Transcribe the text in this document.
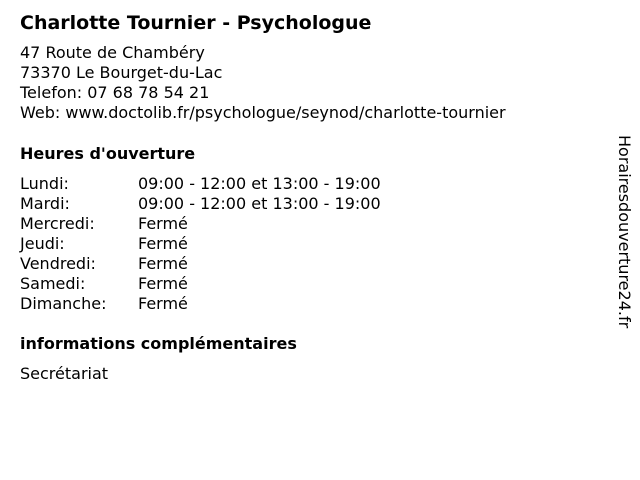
Charlotte Tournier - Psychologue
47 Route de Chambéry
73370 Le Bourget-du-Lac
Telefon: 07 68 78 54 21
Web: www.doctolib.fr/psychologue/seynod/charlotte-tournier
Heures d'ouverture
Lundi:	09:00 - 12:00 et 13:00 - 19:00
Mardi:	09:00 - 12:00 et 13:00 - 19:00
Mercredi:	Fermé
Jeudi:	Fermé
Vendredi:	Fermé
Samedi:	Fermé
Dimanche: Fermé
informations complémentaires
Secrétariat
Horairesdouverture24.fr
